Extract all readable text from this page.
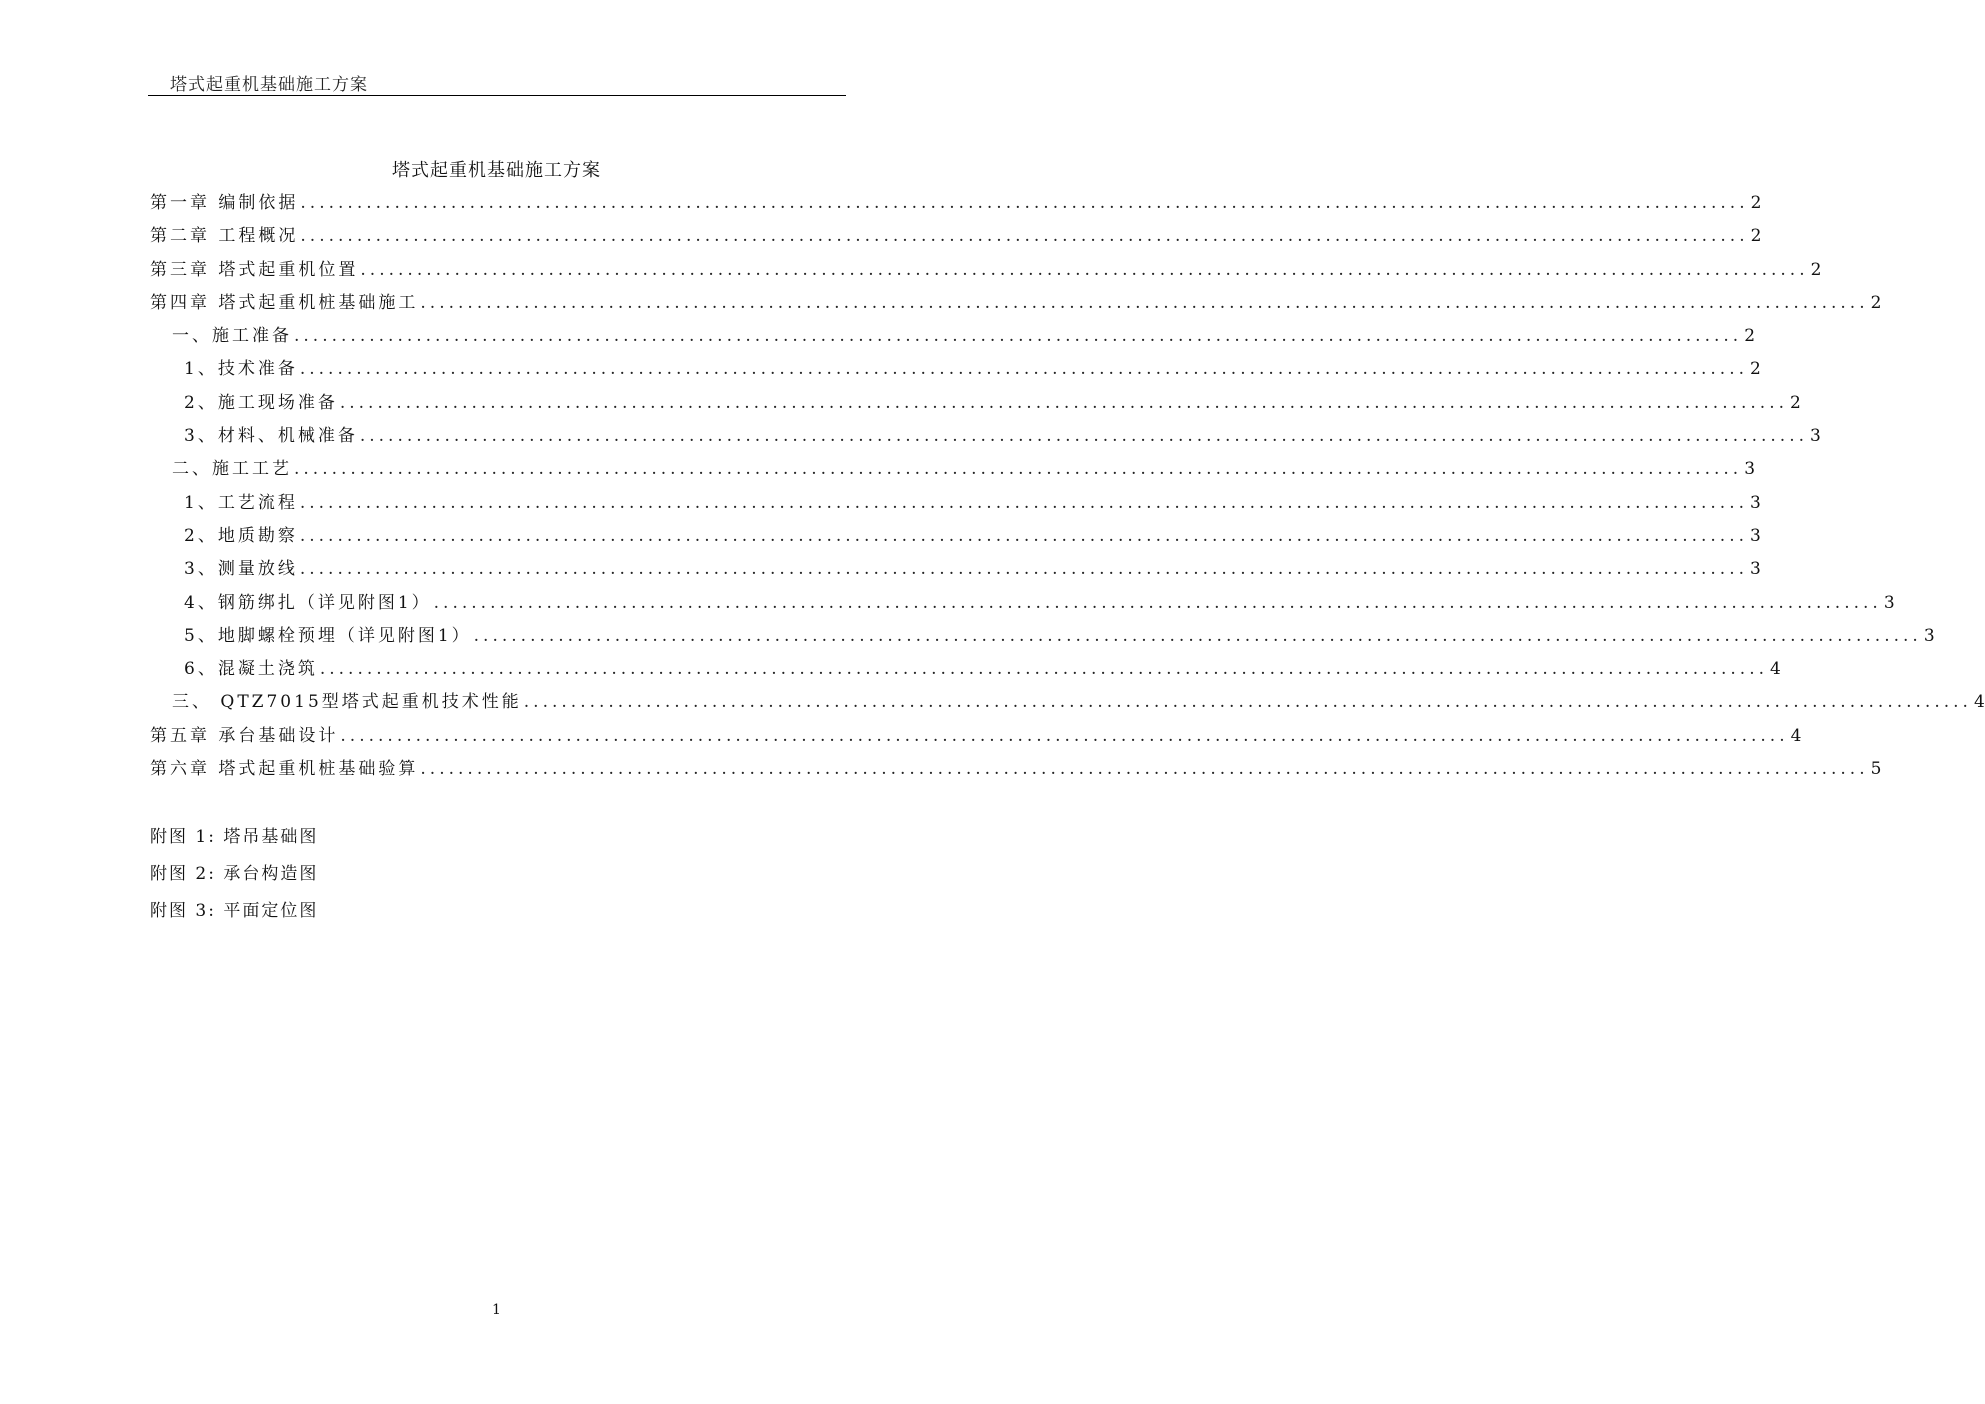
塔式起重机基础施工方案
塔式起重机基础施工方案
第一章 编制依据 .......................................................................................................................................................... 2
第二章 工程概况 .......................................................................................................................................................... 2
第三章 塔式起重机位置 .......................................................................................................................................................... 2
第四章 塔式起重机桩基础施工 .......................................................................................................................................................... 2
一、施工准备 .......................................................................................................................................................... 2
1、技术准备 .......................................................................................................................................................... 2
2、施工现场准备 .......................................................................................................................................................... 2
3、材料、机械准备 .......................................................................................................................................................... 3
二、施工工艺 .......................................................................................................................................................... 3
1、工艺流程 .......................................................................................................................................................... 3
2、地质勘察 .......................................................................................................................................................... 3
3、测量放线 .......................................................................................................................................................... 3
4、钢筋绑扎（详见附图1） .......................................................................................................................................................... 3
5、地脚螺栓预埋（详见附图1） .......................................................................................................................................................... 3
6、混凝土浇筑 .......................................................................................................................................................... 4
三、 QTZ7015型塔式起重机技术性能 .......................................................................................................................................................... 4
第五章 承台基础设计 .......................................................................................................................................................... 4
第六章 塔式起重机桩基础验算 .......................................................................................................................................................... 5
附图 1: 塔吊基础图
附图 2: 承台构造图
附图 3: 平面定位图
1
